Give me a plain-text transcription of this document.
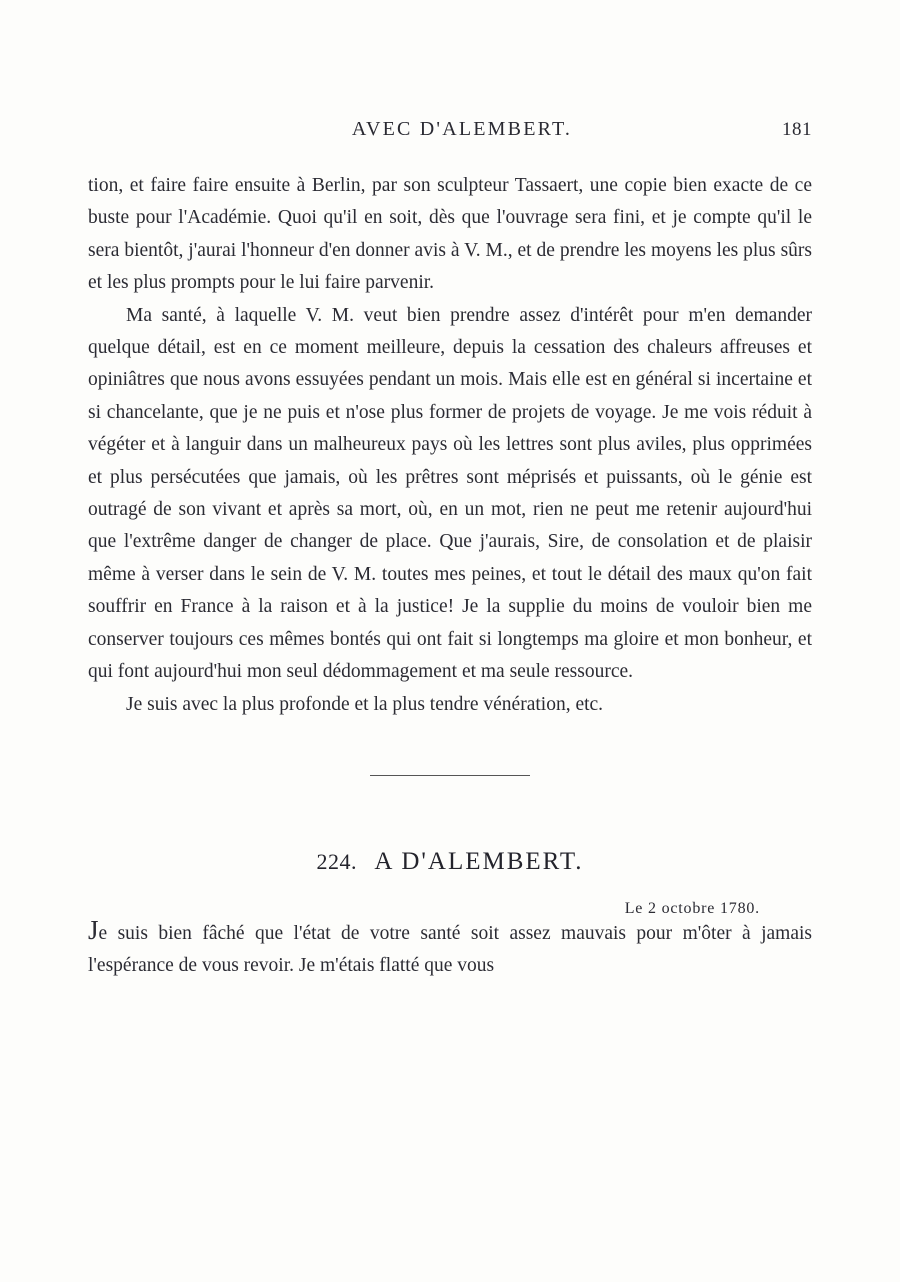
AVEC D'ALEMBERT.	181

tion, et faire faire ensuite à Berlin, par son sculpteur Tassaert, une copie bien exacte de ce buste pour l'Académie. Quoi qu'il en soit, dès que l'ouvrage sera fini, et je compte qu'il le sera bientôt, j'aurai l'honneur d'en donner avis à V. M., et de prendre les moyens les plus sûrs et les plus prompts pour le lui faire parvenir.

Ma santé, à laquelle V. M. veut bien prendre assez d'intérêt pour m'en demander quelque détail, est en ce moment meilleure, depuis la cessation des chaleurs affreuses et opiniâtres que nous avons essuyées pendant un mois. Mais elle est en général si incertaine et si chancelante, que je ne puis et n'ose plus former de projets de voyage. Je me vois réduit à végéter et à languir dans un malheureux pays où les lettres sont plus aviles, plus opprimées et plus persécutées que jamais, où les prêtres sont méprisés et puissants, où le génie est outragé de son vivant et après sa mort, où, en un mot, rien ne peut me retenir aujourd'hui que l'extrême danger de changer de place. Que j'aurais, Sire, de consolation et de plaisir même à verser dans le sein de V. M. toutes mes peines, et tout le détail des maux qu'on fait souffrir en France à la raison et à la justice! Je la supplie du moins de vouloir bien me conserver toujours ces mêmes bontés qui ont fait si longtemps ma gloire et mon bonheur, et qui font aujourd'hui mon seul dédommagement et ma seule ressource.

Je suis avec la plus profonde et la plus tendre vénération, etc.

224. A D'ALEMBERT.
Le 2 octobre 1780.

Je suis bien fâché que l'état de votre santé soit assez mauvais pour m'ôter à jamais l'espérance de vous revoir. Je m'étais flatté que vous
